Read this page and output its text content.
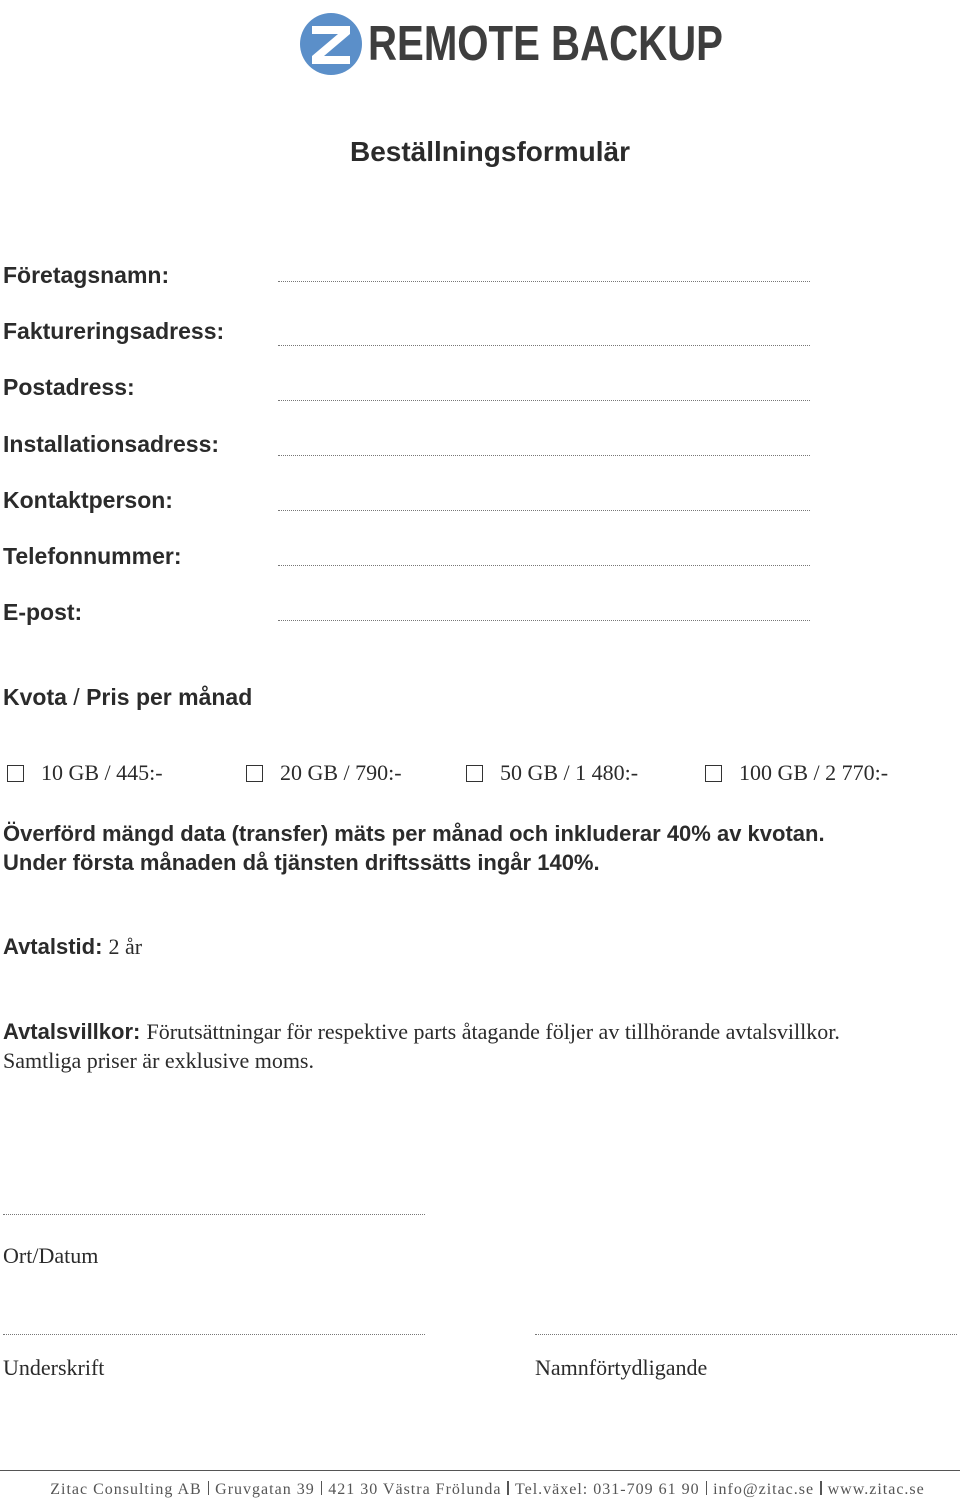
REMOTE BACKUP
Beställningsformulär
Företagsnamn:
Faktureringsadress:
Postadress:
Installationsadress:
Kontaktperson:
Telefonnummer:
E-post:
Kvota / Pris per månad
10 GB / 445:-	20 GB / 790:-	50 GB / 1 480:-	100 GB / 2 770:-
Överförd mängd data (transfer) mäts per månad och inkluderar 40% av kvotan.
Under första månaden då tjänsten driftssätts ingår 140%.
Avtalstid: 2 år
Avtalsvillkor: Förutsättningar för respektive parts åtagande följer av tillhörande avtalsvillkor.
Samtliga priser är exklusive moms.
Ort/Datum
Underskrift	Namnförtydligande
Zitac Consulting AB Gruvgatan 39 421 30 Västra Frölunda Tel.växel: 031-709 61 90 info@zitac.se www.zitac.se
